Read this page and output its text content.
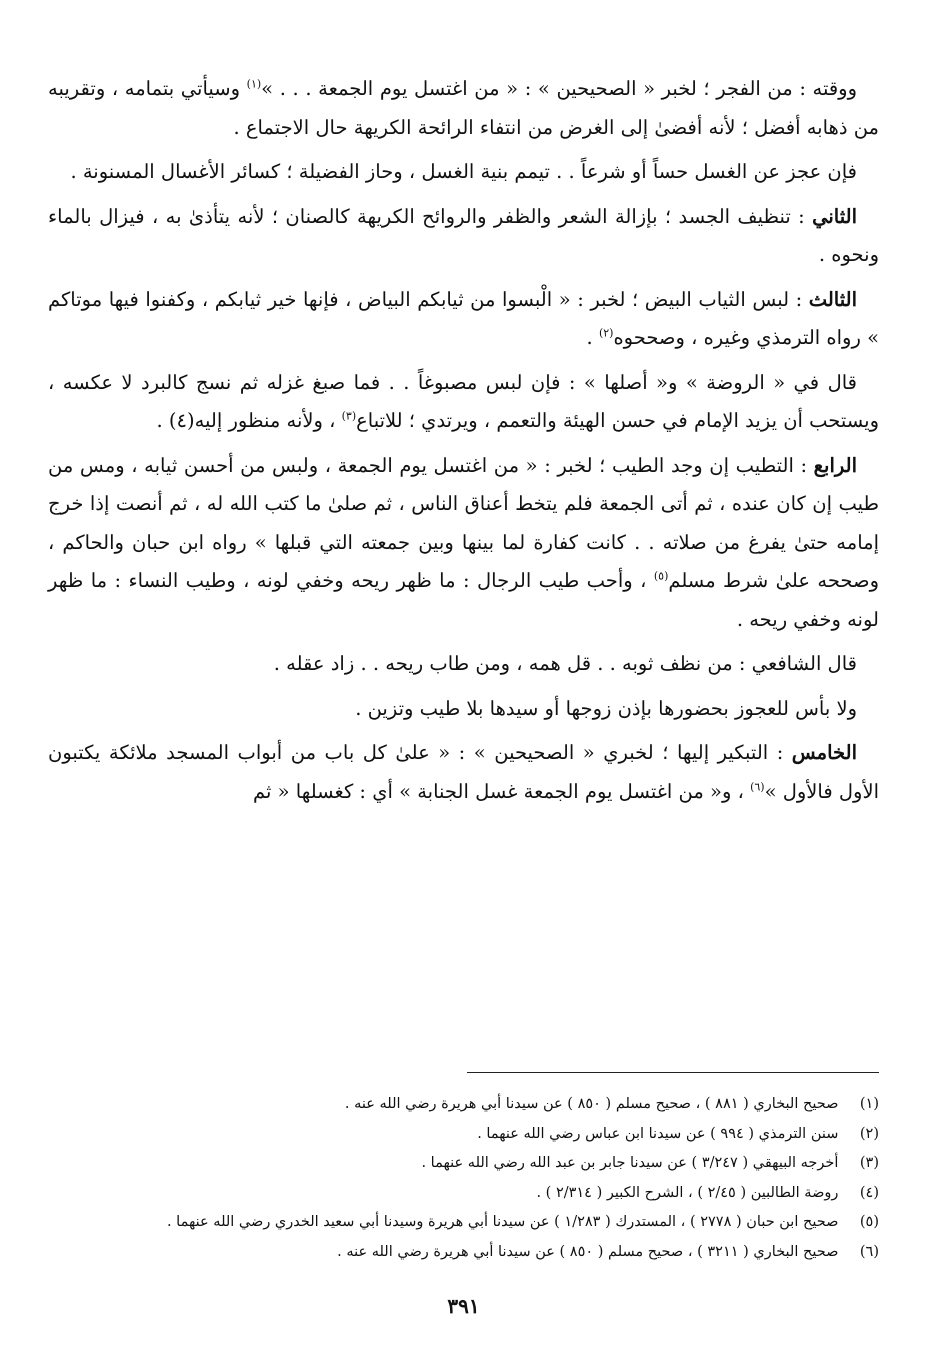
ووقته : من الفجر ؛ لخبر « الصحيحين » : « من اغتسل يوم الجمعة . . . »$^{(١)}$ وسيأتي بتمامه ، وتقريبه من ذهابه أفضل ؛ لأنه أفضىٰ إلى الغرض من انتفاء الرائحة الكريهة حال الاجتماع .

فإن عجز عن الغسل حساً أو شرعاً . . تيمم بنية الغسل ، وحاز الفضيلة ؛ كسائر الأغسال المسنونة .

الثاني : تنظيف الجسد ؛ بإزالة الشعر والظفر والروائح الكريهة كالصنان ؛ لأنه يتأذىٰ به ، فيزال بالماء ونحوه .

الثالث : لبس الثياب البيض ؛ لخبر : « الْبسوا من ثيابكم البياض ، فإنها خير ثيابكم ، وكفنوا فيها موتاكم » رواه الترمذي وغيره ، وصححوه$^{(٢)}$ .

قال في « الروضة » و« أصلها » : فإن لبس مصبوغاً . . فما صبغ غزله ثم نسج كالبرد لا عكسه ، ويستحب أن يزيد الإمام في حسن الهيئة والتعمم ، ويرتدي ؛ للاتباع$^{(٣)}$ ، ولأنه منظور إليه(٤) .

الرابع : التطيب إن وجد الطيب ؛ لخبر : « من اغتسل يوم الجمعة ، ولبس من أحسن ثيابه ، ومس من طيب إن كان عنده ، ثم أتى الجمعة فلم يتخط أعناق الناس ، ثم صلىٰ ما كتب الله له ، ثم أنصت إذا خرج إمامه حتىٰ يفرغ من صلاته . . كانت كفارة لما بينها وبين جمعته التي قبلها » رواه ابن حبان والحاكم ، وصححه علىٰ شرط مسلم$^{(٥)}$ ، وأحب طيب الرجال : ما ظهر ريحه وخفي لونه ، وطيب النساء : ما ظهر لونه وخفي ريحه .

قال الشافعي : من نظف ثوبه . . قل همه ، ومن طاب ريحه . . زاد عقله .

ولا بأس للعجوز بحضورها بإذن زوجها أو سيدها بلا طيب وتزين .

الخامس : التبكير إليها ؛ لخبري « الصحيحين » : « علىٰ كل باب من أبواب المسجد ملائكة يكتبون الأول فالأول »$^{(٦)}$ ، و« من اغتسل يوم الجمعة غسل الجنابة » أي : كغسلها « ثم

(١) صحيح البخاري ( ٨٨١ ) ، صحيح مسلم ( ٨٥٠ ) عن سيدنا أبي هريرة رضي الله عنه .
(٢) سنن الترمذي ( ٩٩٤ ) عن سيدنا ابن عباس رضي الله عنهما .
(٣) أخرجه البيهقي ( ٣/٢٤٧ ) عن سيدنا جابر بن عبد الله رضي الله عنهما .
(٤) روضة الطالبين ( ٢/٤٥ ) ، الشرح الكبير ( ٢/٣١٤ ) .
(٥) صحيح ابن حبان ( ٢٧٧٨ ) ، المستدرك ( ١/٢٨٣ ) عن سيدنا أبي هريرة وسيدنا أبي سعيد الخدري رضي الله عنهما .
(٦) صحيح البخاري ( ٣٢١١ ) ، صحيح مسلم ( ٨٥٠ ) عن سيدنا أبي هريرة رضي الله عنه .
٣٩١
